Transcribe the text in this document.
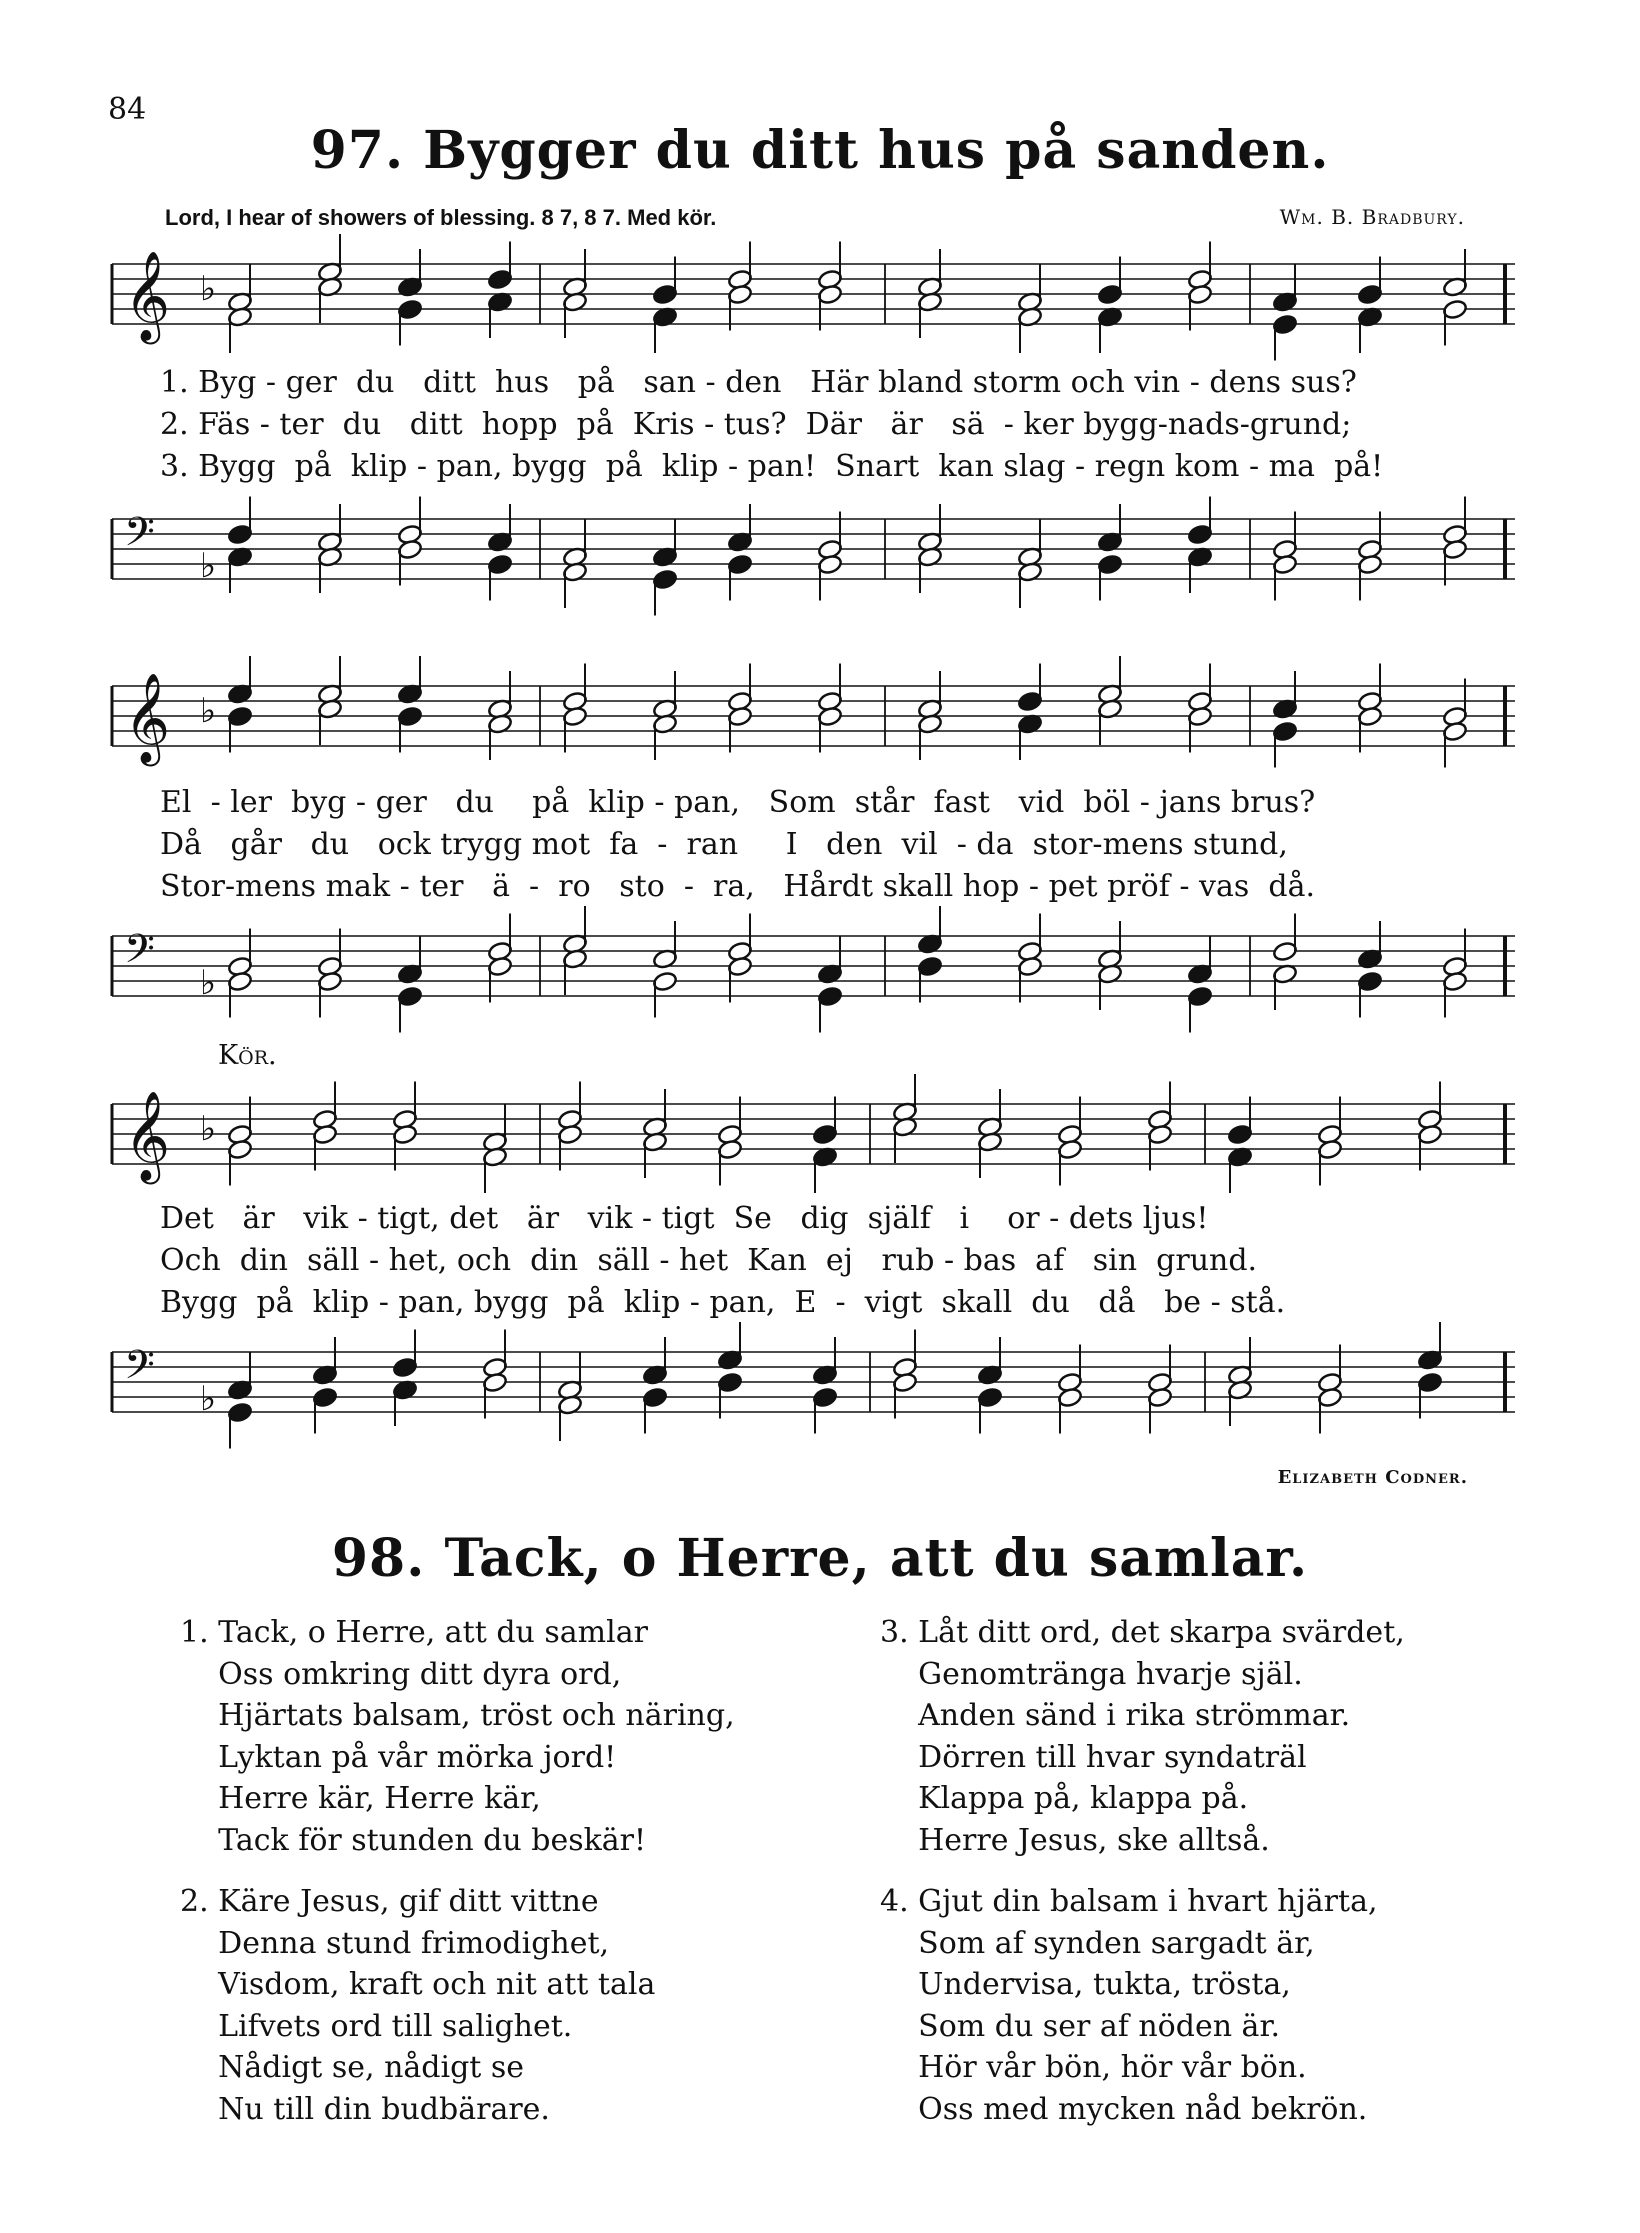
84
97. Bygger du ditt hus på sanden.
Lord, I hear of showers of blessing. 8 7, 8 7. Med kör.	Wm. B. Bradbury.
𝄞 ♭
1. Byg - ger  du   ditt  hus   på   san - den   Här bland storm och vin - dens sus?
2. Fäs - ter  du   ditt  hopp  på  Kris - tus?  Där   är   sä  - ker bygg-nads-grund;
3. Bygg  på  klip - pan, bygg  på  klip - pan!  Snart  kan slag - regn kom - ma  på!
𝄢
♭
𝄞 ♭
El  - ler  byg - ger   du    på  klip - pan,   Som  står  fast   vid  böl - jans brus?
Då   går   du   ock trygg mot  fa  -  ran     I   den  vil  - da  stor-mens stund,
Stor-mens mak - ter   ä  -  ro   sto  -  ra,   Hårdt skall hop - pet pröf - vas  då.
𝄢
♭
Kör.
𝄞 ♭
Det   är   vik - tigt, det   är   vik - tigt  Se   dig  själf   i    or - dets ljus!
Och  din  säll - het, och  din  säll - het  Kan  ej   rub - bas  af   sin  grund.
Bygg  på  klip - pan, bygg  på  klip - pan,  E  -  vigt  skall  du   då   be - stå.
𝄢
♭
Elizabeth Codner.
98. Tack, o Herre, att du samlar.
1. Tack, o Herre, att du samlar
Oss omkring ditt dyra ord,
Hjärtats balsam, tröst och näring,
Lyktan på vår mörka jord!
Herre kär, Herre kär,
Tack för stunden du beskär!
2. Käre Jesus, gif ditt vittne
Denna stund frimodighet,
Visdom, kraft och nit att tala
Lifvets ord till salighet.
Nådigt se, nådigt se
Nu till din budbärare.
3. Låt ditt ord, det skarpa svärdet,
Genomtränga hvarje själ.
Anden sänd i rika strömmar.
Dörren till hvar syndaträl
Klappa på, klappa på.
Herre Jesus, ske alltså.
4. Gjut din balsam i hvart hjärta,
Som af synden sargadt är,
Undervisa, tukta, trösta,
Som du ser af nöden är.
Hör vår bön, hör vår bön.
Oss med mycken nåd bekrön.
